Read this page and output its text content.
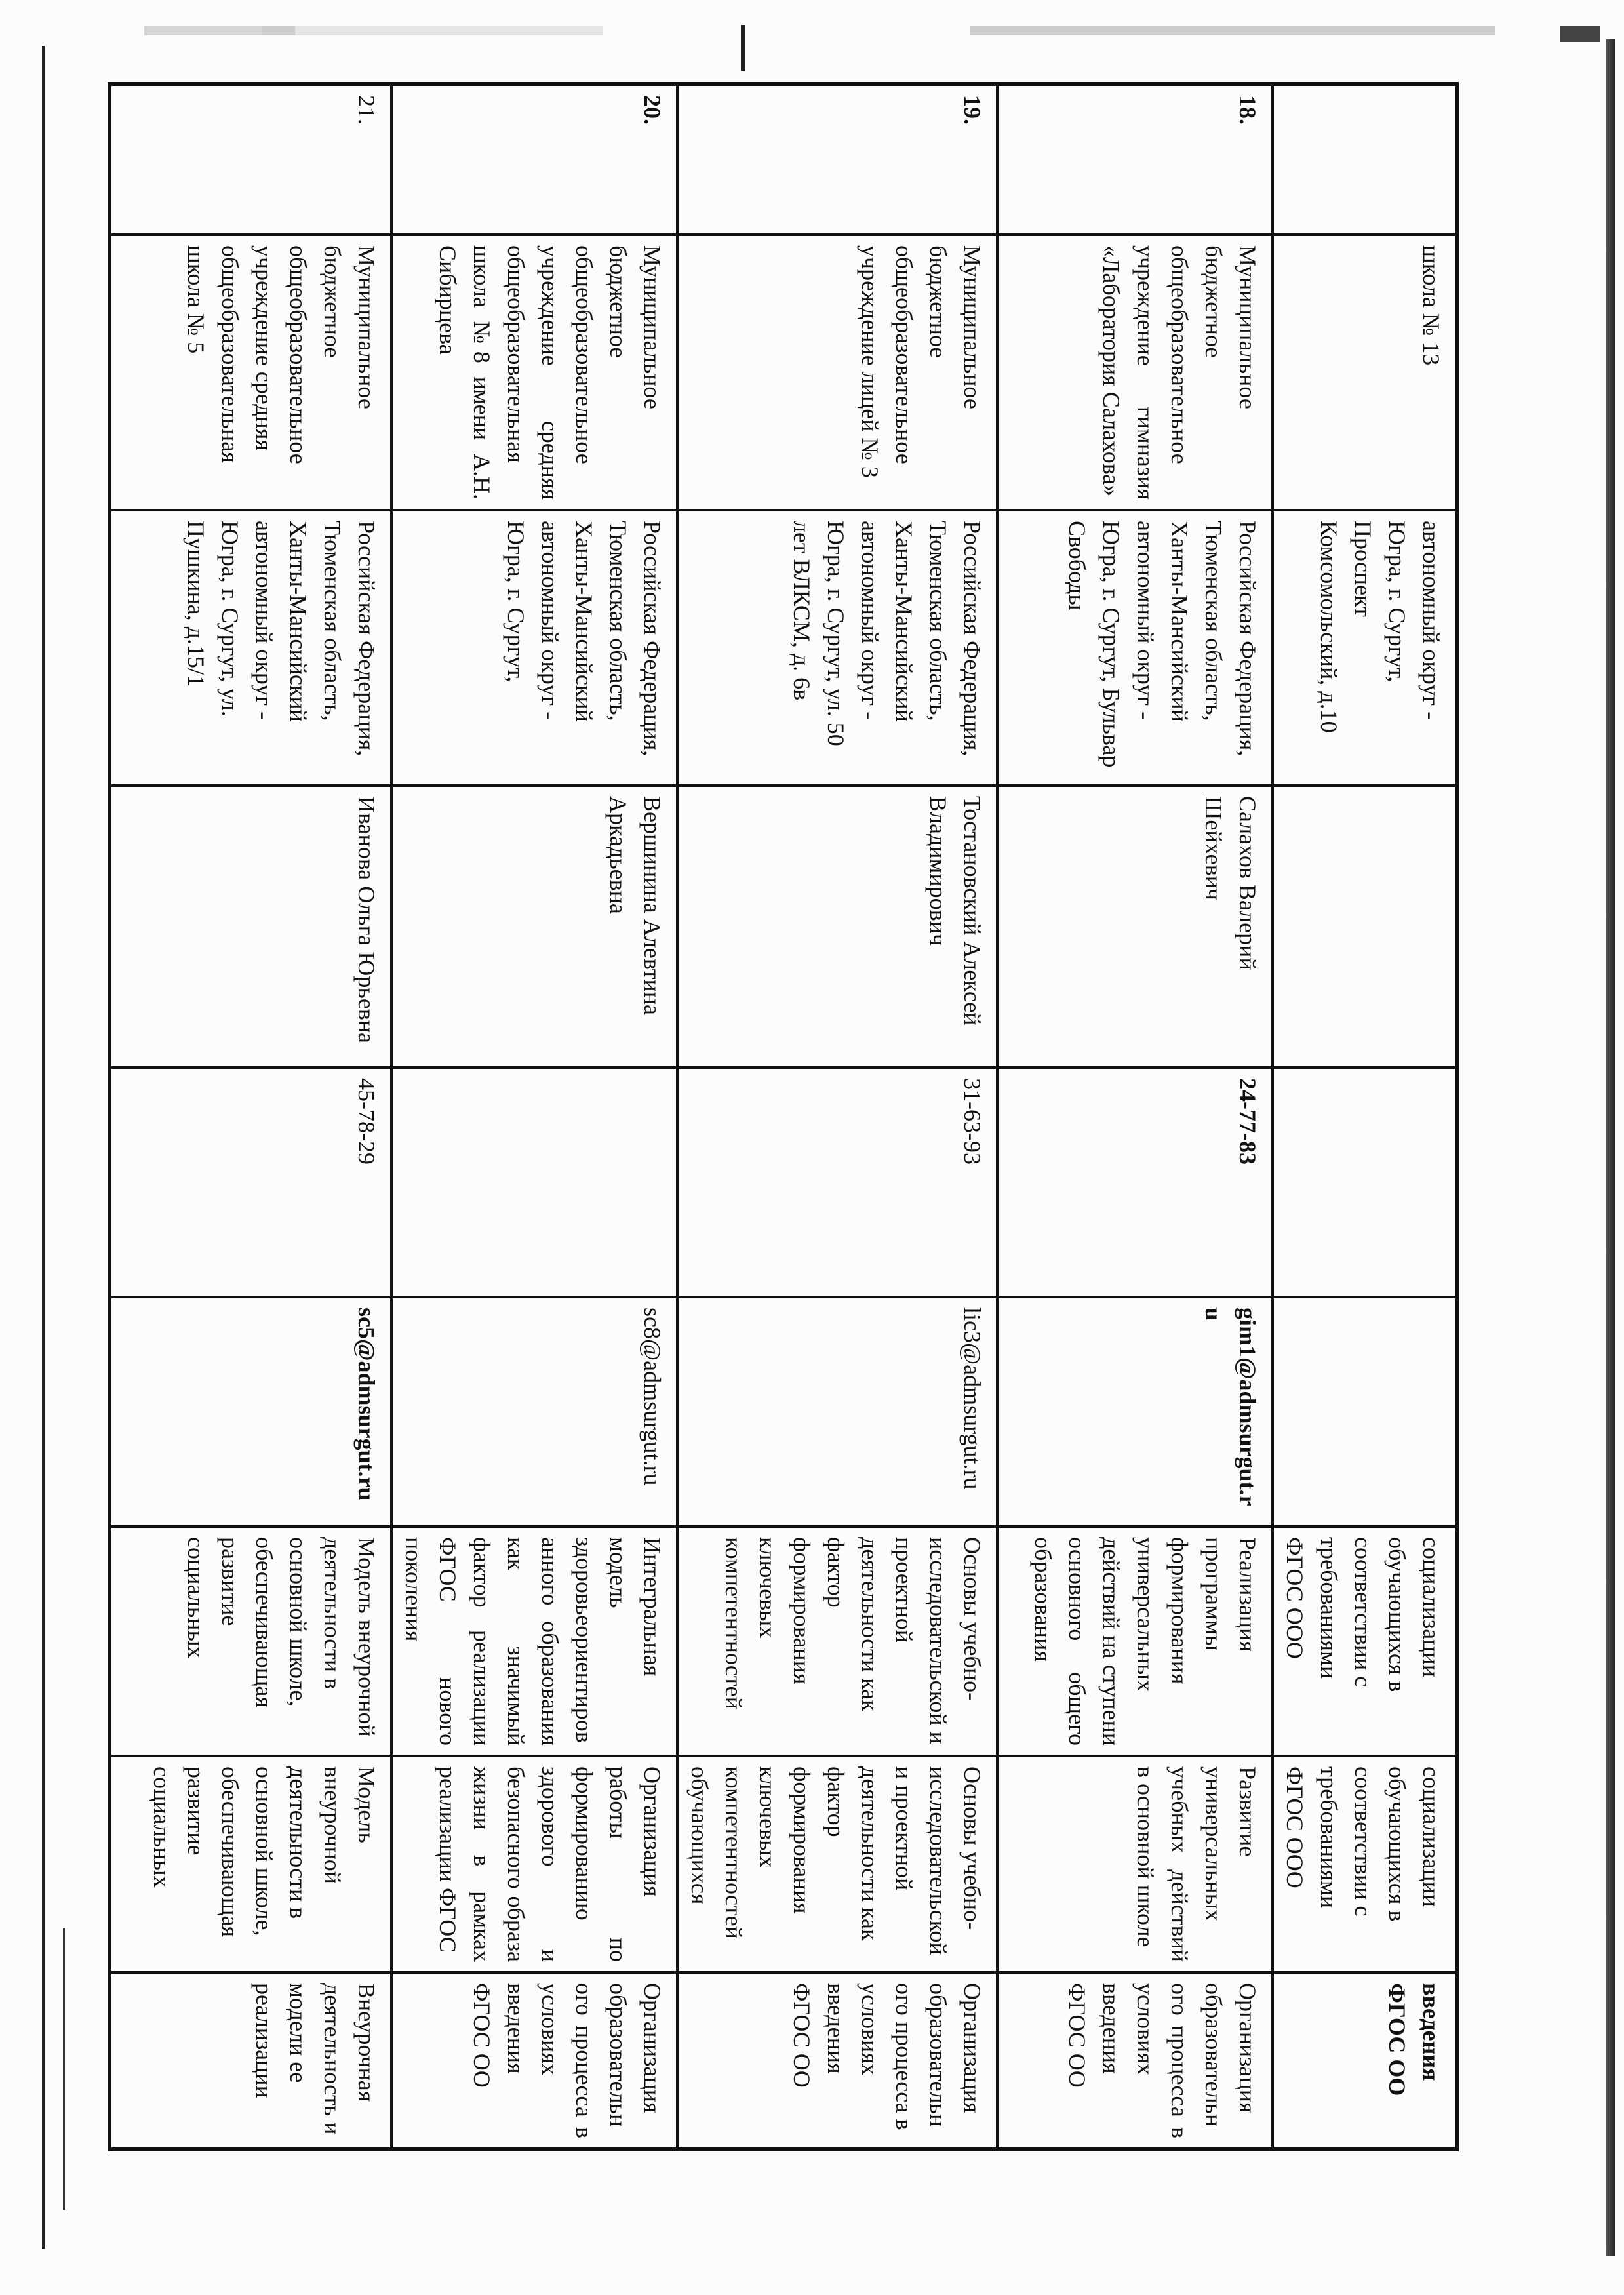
	школа № 13	автономный округ - Югра, г. Сургут, Проспект Комсомольский, д.10				социализации обучающихся в соответствии с требованиями ФГОС ООО	социализации обучающихся в соответствии с требованиями ФГОС ООО	введения ФГОС ОО
18.	Муниципальное бюджетное общеобразовательное учреждение гимназия «Лаборатория Салахова»	Российская Федерация, Тюменская область, Ханты-Мансийский автономный округ - Югра, г. Сургут, Бульвар Свободы	Салахов Валерий Шейхевич	24-77-83	gim1@admsurgut.ru	Реализация программы формирования универсальных действий на ступени основного общего образования	Развитие универсальных учебных действий в основной школе	Организация образовательного процесса в условиях введения ФГОС ОО
19.	Муниципальное бюджетное общеобразовательное учреждение лицей № 3	Российская Федерация, Тюменская область, Ханты-Мансийский автономный округ - Югра, г. Сургут, ул. 50 лет ВЛКСМ, д. 6в	Тостановский Алексей Владимирович	31-63-93	lic3@admsurgut.ru	Основы учебно-исследовательской и проектной деятельности как фактор формирования ключевых компетентностей	Основы учебно-исследовательской и проектной деятельности как фактор формирования ключевых компетентностей обучающихся	Организация образовательного процесса в условиях введения ФГОС ОО
20.	Муниципальное бюджетное общеобразовательное учреждение средняя общеобразовательная школа №8 имени А.Н. Сибирцева	Российская Федерация, Тюменская область, Ханты-Мансийский автономный округ - Югра, г. Сургут,	Вершинина Алевтина Аркадьевна		sc8@admsurgut.ru	Интегральная модель здоровьеориентированного образования как значимый фактор реализации ФГОС нового поколения	Организация работы по формированию здорового и безопасного образа жизни в рамках реализации ФГОС	Организация образовательного процесса в условиях введения ФГОС ОО
21.	Муниципальное бюджетное общеобразовательное учреждение средняя общеобразовательная школа № 5	Российская Федерация, Тюменская область, Ханты-Мансийский автономный округ - Югра, г. Сургут, ул. Пушкина, д.15/1	Иванова Ольга Юрьевна	45-78-29	sc5@admsurgut.ru	Модель внеурочной деятельности в основной школе, обеспечивающая развитие социальных	Модель внеурочной деятельности в основной школе, обеспечивающая развитие социальных	Внеурочная деятельность и модели ее реализации
